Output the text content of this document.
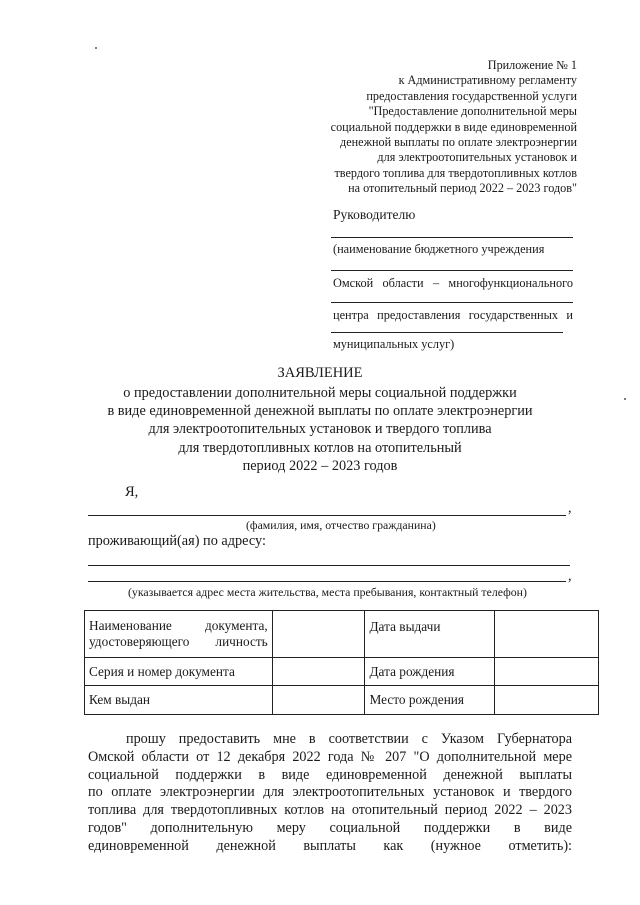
Приложение № 1
к Административному регламенту
предоставления государственной услуги
"Предоставление дополнительной меры
социальной поддержки в виде единовременной
денежной выплаты по оплате электроэнергии
для электроотопительных установок и
твердого топлива для твердотопливных котлов
на отопительный период 2022 – 2023 годов"
Руководителю
(наименование бюджетного учреждения
Омской области – многофункционального
центра предоставления государственных и
муниципальных услуг)
ЗАЯВЛЕНИЕ
о предоставлении дополнительной меры социальной поддержки
в виде единовременной денежной выплаты по оплате электроэнергии
для электроотопительных установок и твердого топлива
для твердотопливных котлов на отопительный
период 2022 – 2023 годов
Я,
,
(фамилия, имя, отчество гражданина)
проживающий(ая) по адресу:
,
(указывается адрес места жительства, места пребывания, контактный телефон)
Наименование документа, удостоверяющего личность		Дата выдачи	
Серия и номер документа		Дата рождения	
Кем выдан		Место рождения	
прошу предоставить мне в соответствии с Указом Губернатора
Омской области от 12 декабря 2022 года № 207 "О дополнительной мере
социальной поддержки в виде единовременной денежной выплаты
по оплате электроэнергии для электроотопительных установок и твердого
топлива для твердотопливных котлов на отопительный период 2022 – 2023
годов" дополнительную меру социальной поддержки в виде
единовременной денежной выплаты как (нужное отметить):
